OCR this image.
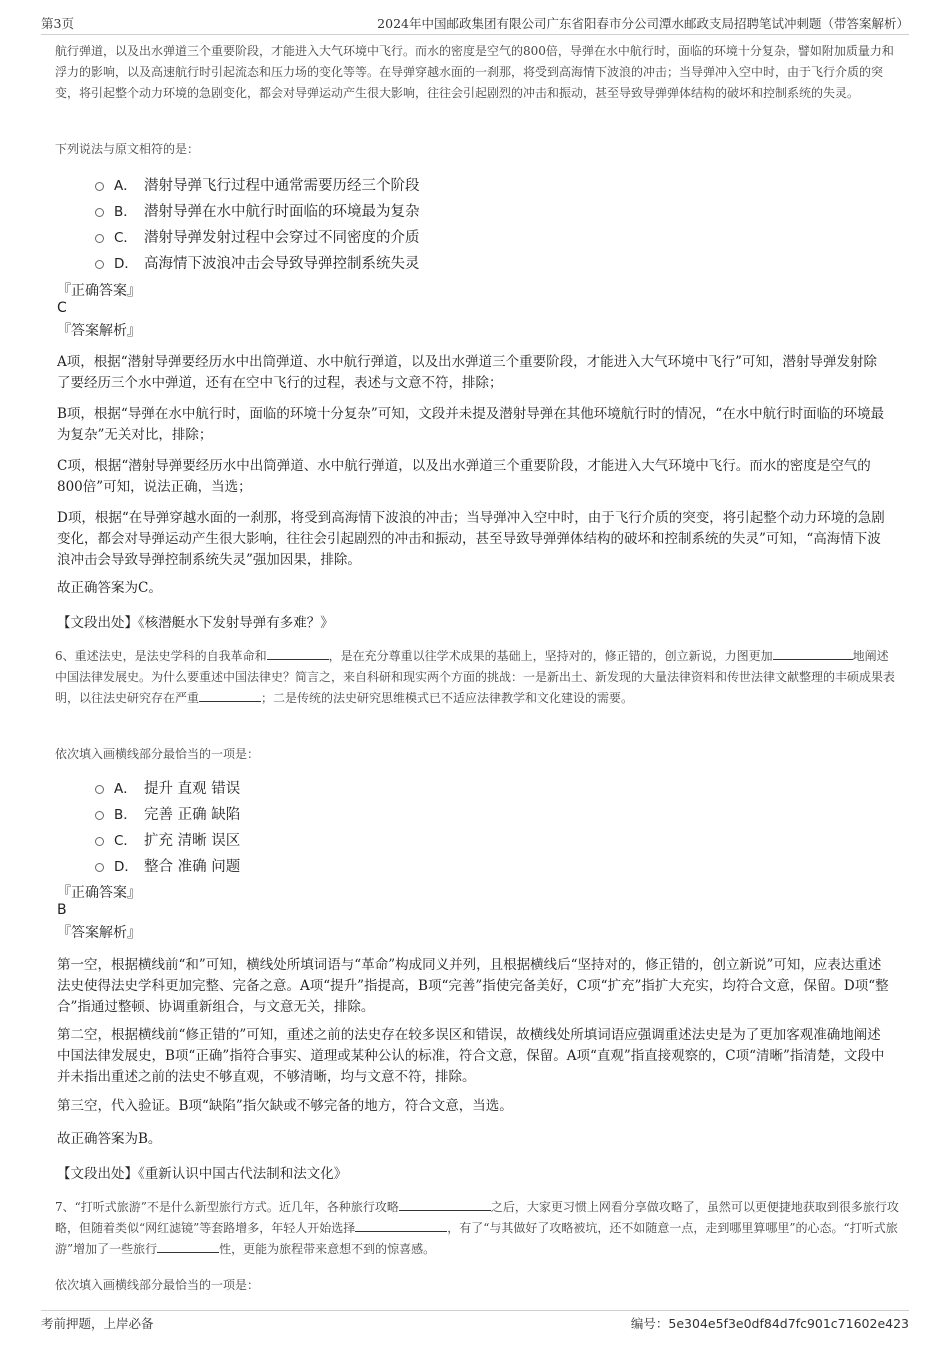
第3页	2024年中国邮政集团有限公司广东省阳春市分公司潭水邮政支局招聘笔试冲刺题（带答案解析）

航行弹道，以及出水弹道三个重要阶段，才能进入大气环境中飞行。而水的密度是空气的800倍，导弹在水中航行时，面临的环境十分复杂，譬如附加质量力和浮力的影响，以及高速航行时引起流态和压力场的变化等等。在导弹穿越水面的一刹那，将受到高海情下波浪的冲击；当导弹冲入空中时，由于飞行介质的突变，将引起整个动力环境的急剧变化，都会对导弹运动产生很大影响，往往会引起剧烈的冲击和振动，甚至导致导弹弹体结构的破坏和控制系统的失灵。

下列说法与原文相符的是：

A． 潜射导弹飞行过程中通常需要历经三个阶段
B． 潜射导弹在水中航行时面临的环境最为复杂
C． 潜射导弹发射过程中会穿过不同密度的介质
D． 高海情下波浪冲击会导致导弹控制系统失灵

『正确答案』

C

『答案解析』

A项，根据“潜射导弹要经历水中出筒弹道、水中航行弹道，以及出水弹道三个重要阶段，才能进入大气环境中飞行”可知，潜射导弹发射除了要经历三个水中弹道，还有在空中飞行的过程，表述与文意不符，排除；

B项，根据“导弹在水中航行时，面临的环境十分复杂”可知，文段并未提及潜射导弹在其他环境航行时的情况，“在水中航行时面临的环境最为复杂”无关对比，排除；

C项，根据“潜射导弹要经历水中出筒弹道、水中航行弹道，以及出水弹道三个重要阶段，才能进入大气环境中飞行。而水的密度是空气的800倍”可知，说法正确，当选；

D项，根据“在导弹穿越水面的一刹那，将受到高海情下波浪的冲击；当导弹冲入空中时，由于飞行介质的突变，将引起整个动力环境的急剧变化，都会对导弹运动产生很大影响，往往会引起剧烈的冲击和振动，甚至导致导弹弹体结构的破坏和控制系统的失灵”可知，“高海情下波浪冲击会导致导弹控制系统失灵”强加因果，排除。

故正确答案为C。

【文段出处】《核潜艇水下发射导弹有多难？》

6、重述法史，是法史学科的自我革命和	，是在充分尊重以往学术成果的基础上，坚持对的，修正错的，创立新说，力图更加	地阐述中国法律发展史。为什么要重述中国法律史？简言之，来自科研和现实两个方面的挑战：一是新出土、新发现的大量法律资料和传世法律文献整理的丰硕成果表明，以往法史研究存在严重	；二是传统的法史研究思维模式已不适应法律教学和文化建设的需要。

依次填入画横线部分最恰当的一项是：

A． 提升 直观 错误
B． 完善 正确 缺陷
C． 扩充 清晰 误区
D． 整合 准确 问题

『正确答案』

B

『答案解析』

第一空，根据横线前“和”可知，横线处所填词语与“革命”构成同义并列，且根据横线后“坚持对的，修正错的，创立新说”可知，应表达重述法史使得法史学科更加完整、完备之意。A项“提升”指提高，B项“完善”指使完备美好，C项“扩充”指扩大充实，均符合文意，保留。D项“整合”指通过整顿、协调重新组合，与文意无关，排除。

第二空，根据横线前“修正错的”可知，重述之前的法史存在较多误区和错误，故横线处所填词语应强调重述法史是为了更加客观准确地阐述中国法律发展史，B项“正确”指符合事实、道理或某种公认的标准，符合文意，保留。A项“直观”指直接观察的，C项“清晰”指清楚，文段中并未指出重述之前的法史不够直观，不够清晰，均与文意不符，排除。

第三空，代入验证。B项“缺陷”指欠缺或不够完备的地方，符合文意，当选。

故正确答案为B。

【文段出处】《重新认识中国古代法制和法文化》

7、“打听式旅游”不是什么新型旅行方式。近几年，各种旅行攻略	之后，大家更习惯上网看分享做攻略了，虽然可以更便捷地获取到很多旅行攻略，但随着类似“网红滤镜”等套路增多，年轻人开始选择	，有了“与其做好了攻略被坑，还不如随意一点，走到哪里算哪里”的心态。“打听式旅游”增加了一些旅行	性，更能为旅程带来意想不到的惊喜感。

依次填入画横线部分最恰当的一项是：

考前押题，上岸必备	编号：5e304e5f3e0df84d7fc901c71602e423
